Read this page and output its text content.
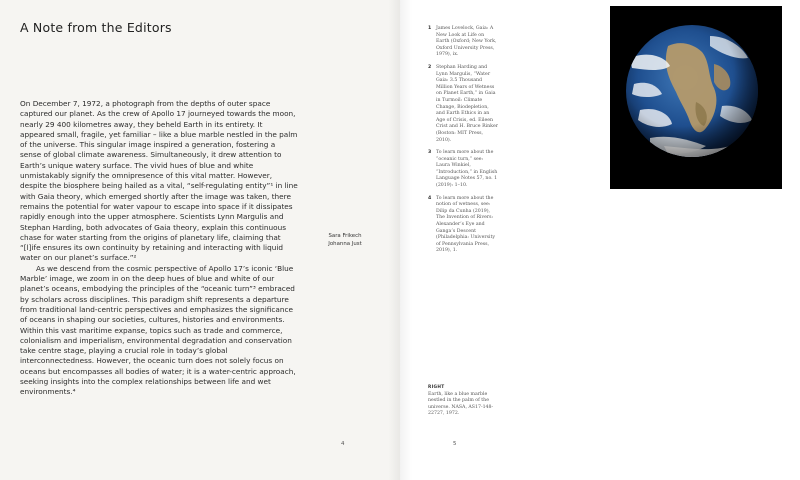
A Note from the Editors

On December 7, 1972, a photograph from the depths of outer space captured our planet. As the crew of Apollo 17 journeyed towards the moon, nearly 29 400 kilometres away, they beheld Earth in its entirety. It appeared small, fragile, yet familiar – like a blue marble nestled in the palm of the universe. This singular image inspired a generation, fostering a sense of global climate awareness. Simultaneously, it drew attention to Earth’s unique watery surface. The vivid hues of blue and white unmistakably signify the omnipresence of this vital matter. However, despite the biosphere being hailed as a vital, “self-regulating entity”¹ in line with Gaia theory, which emerged shortly after the image was taken, there remains the potential for water vapour to escape into space if it dissipates rapidly enough into the upper atmosphere. Scientists Lynn Margulis and Stephan Harding, both advocates of Gaia theory, explain this continuous chase for water starting from the origins of planetary life, claiming that “[l]ife ensures its own continuity by retaining and interacting with liquid water on our planet’s surface.”²

As we descend from the cosmic perspective of Apollo 17’s iconic ‘Blue Marble’ image, we zoom in on the deep hues of blue and white of our planet’s oceans, embodying the principles of the “oceanic turn”³ embraced by scholars across disciplines. This paradigm shift represents a departure from traditional land-centric perspectives and emphasizes the significance of oceans in shaping our societies, cultures, histories and environments. Within this vast maritime expanse, topics such as trade and commerce, colonialism and imperialism, environmental degradation and conservation take centre stage, playing a crucial role in today’s global interconnectedness. However, the oceanic turn does not solely focus on oceans but encompasses all bodies of water; it is a water-centric approach, seeking insights into the complex relationships between life and wet environments.⁴

Sara Frikech
Johanna Just
4	5
1	James Lovelock, Gaia: A New Look at Life on Earth (Oxford; New York, Oxford University Press, 1979), ix.
2	Stephan Harding and Lynn Margulis, “Water Gaia: 3.5 Thousand Million Years of Wetness on Planet Earth,” in Gaia in Turmoil: Climate Change, Biodepletion, and Earth Ethics in an Age of Crisis, ed. Eileen Crist and H. Bruce Rinker (Boston: MIT Press, 2010).
3	To learn more about the “oceanic turn,” see: Laura Winkiel, “Introduction,” in English Language Notes 57, no. 1 (2019): 1–10.
4	To learn more about the notion of wetness, see: Dilip da Cunha (2019), The Invention of Rivers: Alexander’s Eye and Ganga’s Descent (Philadelphia: University of Pennsylvania Press, 2019), 1.
RIGHT
Earth, like a blue marble nestled in the palm of the universe. NASA, AS17-148-22727, 1972.
